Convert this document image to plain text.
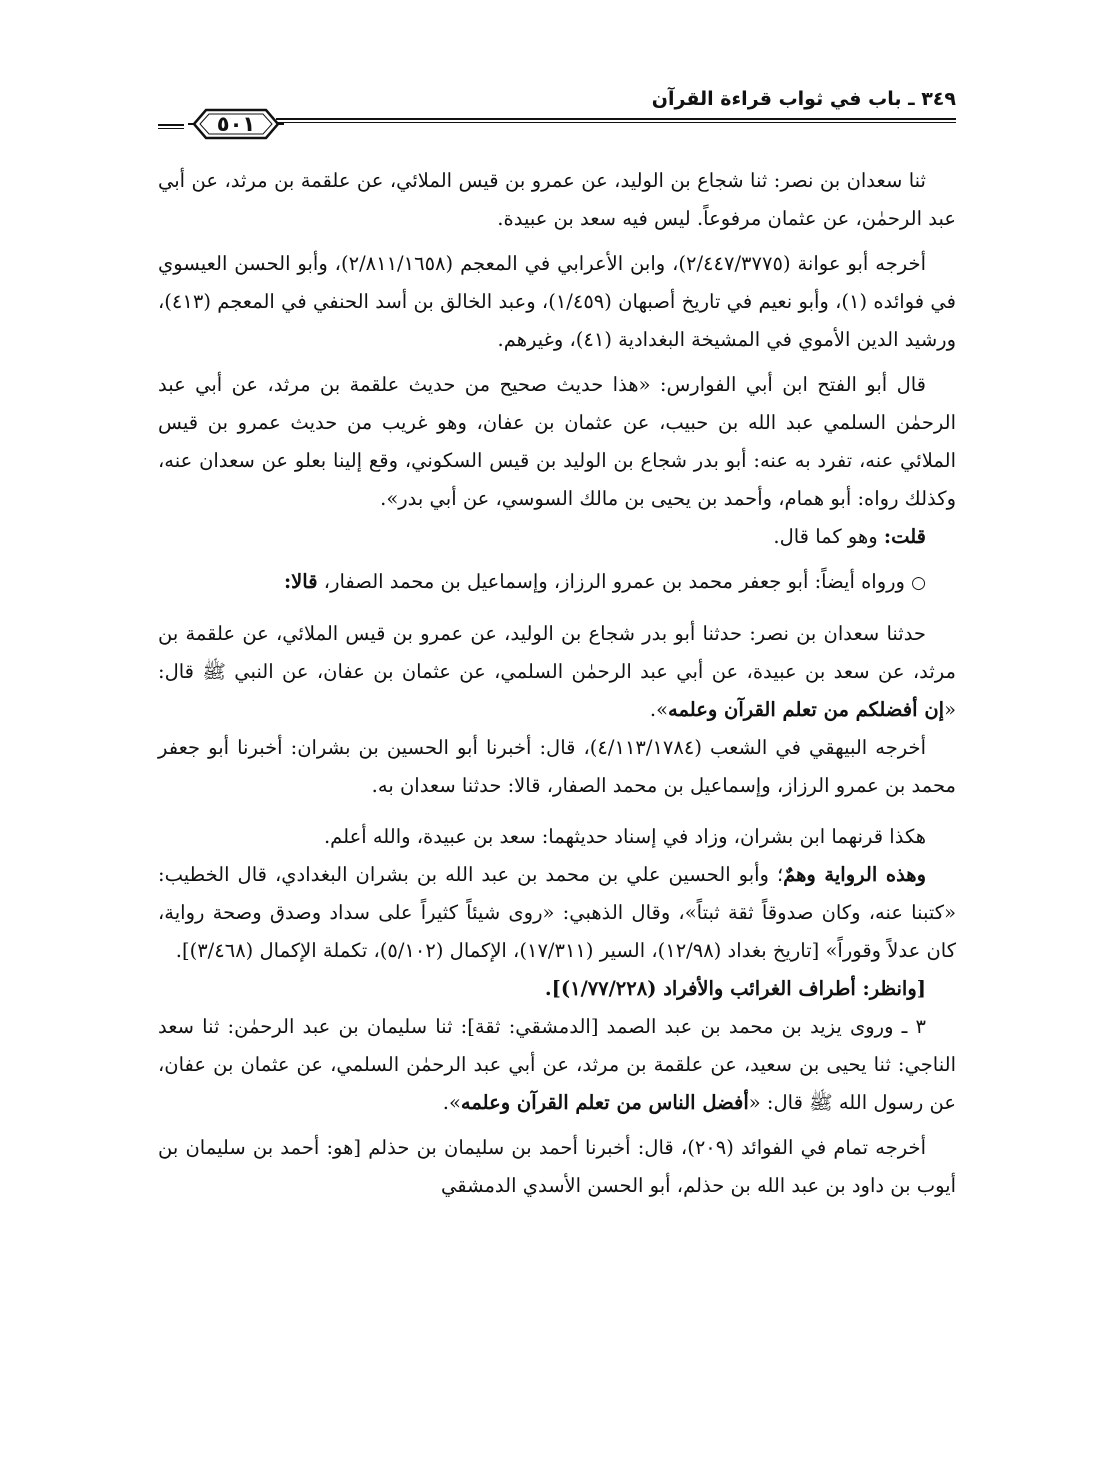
٣٤٩ ـ باب في ثواب قراءة القرآن
٥٠١

ثنا سعدان بن نصر: ثنا شجاع بن الوليد، عن عمرو بن قيس الملائي، عن علقمة بن مرثد، عن أبي عبد الرحمٰن، عن عثمان مرفوعاً. ليس فيه سعد بن عبيدة.

أخرجه أبو عوانة (٢/٤٤٧/٣٧٧٥)، وابن الأعرابي في المعجم (٢/٨١١/١٦٥٨)، وأبو الحسن العيسوي في فوائده (١)، وأبو نعيم في تاريخ أصبهان (١/٤٥٩)، وعبد الخالق بن أسد الحنفي في المعجم (٤١٣)، ورشيد الدين الأموي في المشيخة البغدادية (٤١)، وغيرهم.

قال أبو الفتح ابن أبي الفوارس: «هذا حديث صحيح من حديث علقمة بن مرثد، عن أبي عبد الرحمٰن السلمي عبد الله بن حبيب، عن عثمان بن عفان، وهو غريب من حديث عمرو بن قيس الملائي عنه، تفرد به عنه: أبو بدر شجاع بن الوليد بن قيس السكوني، وقع إلينا بعلو عن سعدان عنه، وكذلك رواه: أبو همام، وأحمد بن يحيى بن مالك السوسي، عن أبي بدر».

قلت: وهو كما قال.

○ ورواه أيضاً: أبو جعفر محمد بن عمرو الرزاز، وإسماعيل بن محمد الصفار، قالا:

حدثنا سعدان بن نصر: حدثنا أبو بدر شجاع بن الوليد، عن عمرو بن قيس الملائي، عن علقمة بن مرثد، عن سعد بن عبيدة، عن أبي عبد الرحمٰن السلمي، عن عثمان بن عفان، عن النبي ﷺ قال: «إن أفضلكم من تعلم القرآن وعلمه».

أخرجه البيهقي في الشعب (٤/١١٣/١٧٨٤)، قال: أخبرنا أبو الحسين بن بشران: أخبرنا أبو جعفر محمد بن عمرو الرزاز، وإسماعيل بن محمد الصفار، قالا: حدثنا سعدان به.

هكذا قرنهما ابن بشران، وزاد في إسناد حديثهما: سعد بن عبيدة، والله أعلم.

وهذه الرواية وهمٌ؛ وأبو الحسين علي بن محمد بن عبد الله بن بشران البغدادي، قال الخطيب: «كتبنا عنه، وكان صدوقاً ثقة ثبتاً»، وقال الذهبي: «روى شيئاً كثيراً على سداد وصدق وصحة رواية، كان عدلاً وقوراً» [تاريخ بغداد (١٢/٩٨)، السير (١٧/٣١١)، الإكمال (٥/١٠٢)، تكملة الإكمال (٣/٤٦٨)].

[وانظر: أطراف الغرائب والأفراد (١/٧٧/٢٢٨)].

٣ ـ وروى يزيد بن محمد بن عبد الصمد [الدمشقي: ثقة]: ثنا سليمان بن عبد الرحمٰن: ثنا سعد الناجي: ثنا يحيى بن سعيد، عن علقمة بن مرثد، عن أبي عبد الرحمٰن السلمي، عن عثمان بن عفان، عن رسول الله ﷺ قال: «أفضل الناس من تعلم القرآن وعلمه».

أخرجه تمام في الفوائد (٢٠٩)، قال: أخبرنا أحمد بن سليمان بن حذلم [هو: أحمد بن سليمان بن أيوب بن داود بن عبد الله بن حذلم، أبو الحسن الأسدي الدمشقي
